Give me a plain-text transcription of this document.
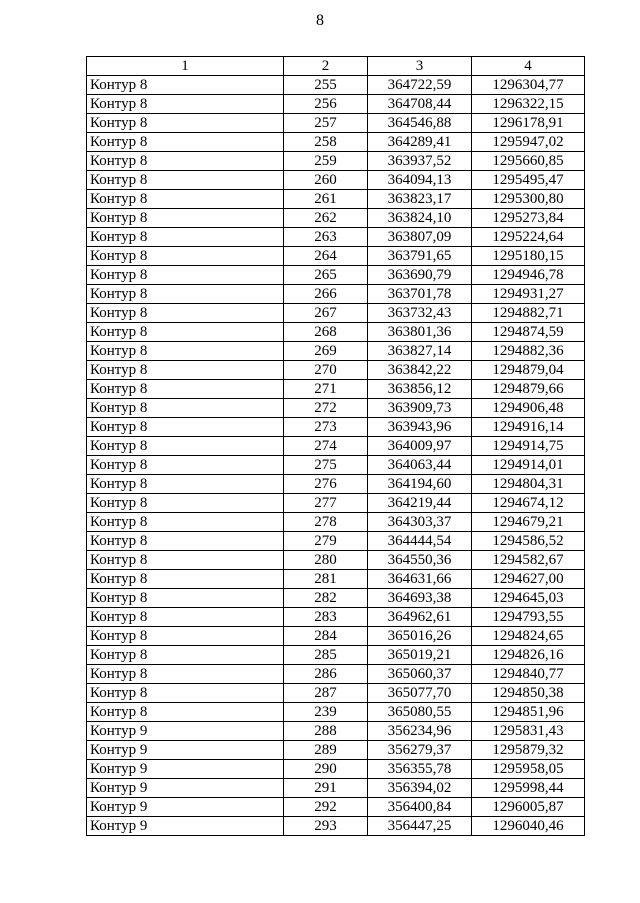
8
1	2	3	4
Контур 8	255	364722,59	1296304,77
Контур 8	256	364708,44	1296322,15
Контур 8	257	364546,88	1296178,91
Контур 8	258	364289,41	1295947,02
Контур 8	259	363937,52	1295660,85
Контур 8	260	364094,13	1295495,47
Контур 8	261	363823,17	1295300,80
Контур 8	262	363824,10	1295273,84
Контур 8	263	363807,09	1295224,64
Контур 8	264	363791,65	1295180,15
Контур 8	265	363690,79	1294946,78
Контур 8	266	363701,78	1294931,27
Контур 8	267	363732,43	1294882,71
Контур 8	268	363801,36	1294874,59
Контур 8	269	363827,14	1294882,36
Контур 8	270	363842,22	1294879,04
Контур 8	271	363856,12	1294879,66
Контур 8	272	363909,73	1294906,48
Контур 8	273	363943,96	1294916,14
Контур 8	274	364009,97	1294914,75
Контур 8	275	364063,44	1294914,01
Контур 8	276	364194,60	1294804,31
Контур 8	277	364219,44	1294674,12
Контур 8	278	364303,37	1294679,21
Контур 8	279	364444,54	1294586,52
Контур 8	280	364550,36	1294582,67
Контур 8	281	364631,66	1294627,00
Контур 8	282	364693,38	1294645,03
Контур 8	283	364962,61	1294793,55
Контур 8	284	365016,26	1294824,65
Контур 8	285	365019,21	1294826,16
Контур 8	286	365060,37	1294840,77
Контур 8	287	365077,70	1294850,38
Контур 8	239	365080,55	1294851,96
Контур 9	288	356234,96	1295831,43
Контур 9	289	356279,37	1295879,32
Контур 9	290	356355,78	1295958,05
Контур 9	291	356394,02	1295998,44
Контур 9	292	356400,84	1296005,87
Контур 9	293	356447,25	1296040,46
